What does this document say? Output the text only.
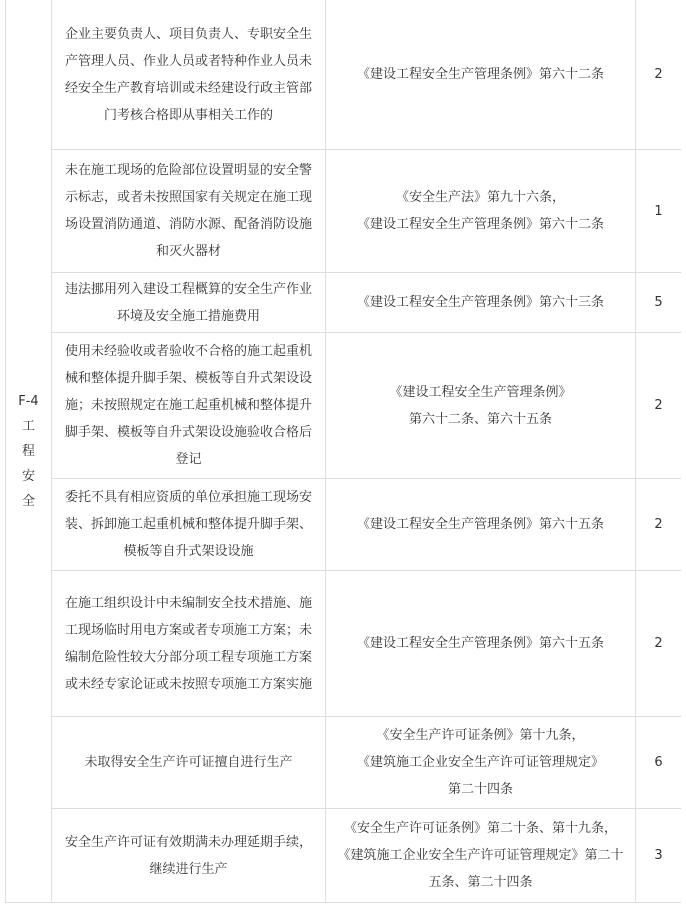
F-4
工
程
安
全	企业主要负责人、项目负责人、专职安全生产管理人员、作业人员或者特种作业人员未经安全生产教育培训或未经建设行政主管部门考核合格即从事相关工作的	《建设工程安全生产管理条例》第六十二条	2
	未在施工现场的危险部位设置明显的安全警示标志，或者未按照国家有关规定在施工现场设置消防通道、消防水源、配备消防设施和灭火器材	《安全生产法》第九十六条，
《建设工程安全生产管理条例》第六十二条	1
	违法挪用列入建设工程概算的安全生产作业环境及安全施工措施费用	《建设工程安全生产管理条例》第六十三条	5
	使用未经验收或者验收不合格的施工起重机械和整体提升脚手架、模板等自升式架设设施；未按照规定在施工起重机械和整体提升脚手架、模板等自升式架设设施验收合格后登记	《建设工程安全生产管理条例》
第六十二条、第六十五条	2
	委托不具有相应资质的单位承担施工现场安装、拆卸施工起重机械和整体提升脚手架、模板等自升式架设设施	《建设工程安全生产管理条例》第六十五条	2
	在施工组织设计中未编制安全技术措施、施工现场临时用电方案或者专项施工方案；未编制危险性较大分部分项工程专项施工方案或未经专家论证或未按照专项施工方案实施	《建设工程安全生产管理条例》第六十五条	2
	未取得安全生产许可证擅自进行生产	《安全生产许可证条例》第十九条，
《建筑施工企业安全生产许可证管理规定》
第二十四条	6
	安全生产许可证有效期满未办理延期手续，继续进行生产	《安全生产许可证条例》第二十条、第十九条，《建筑施工企业安全生产许可证管理规定》第二十五条、第二十四条	3
